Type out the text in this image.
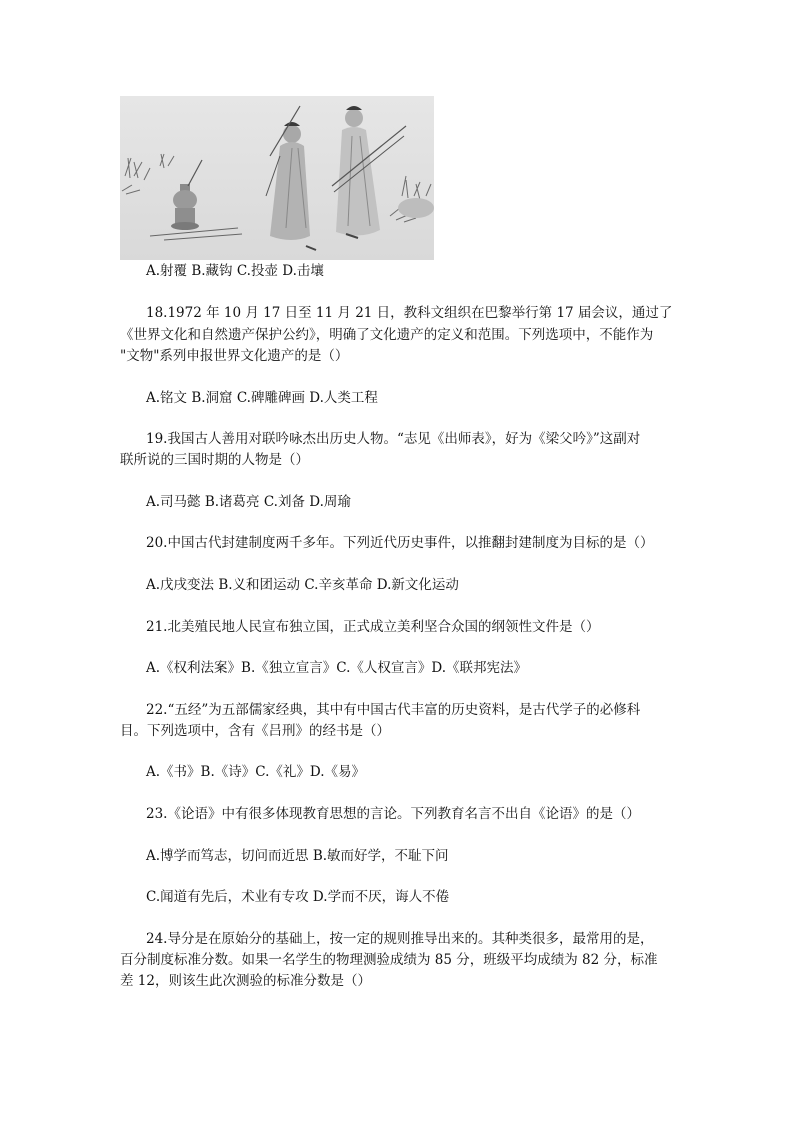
A.射覆 B.藏钩 C.投壶 D.击壤
18.1972 年 10 月 17 日至 11 月 21 日，教科文组织在巴黎举行第 17 届会议，通过了
《世界文化和自然遗产保护公约》，明确了文化遗产的定义和范围。下列选项中，不能作为
"文物"系列申报世界文化遗产的是（）
A.铭文 B.洞窟 C.碑雕碑画 D.人类工程
19.我国古人善用对联吟咏杰出历史人物。“志见《出师表》，好为《梁父吟》”这副对
联所说的三国时期的人物是（）
A.司马懿 B.诸葛亮 C.刘备 D.周瑜
20.中国古代封建制度两千多年。下列近代历史事件，以推翻封建制度为目标的是（）
A.戊戌变法 B.义和团运动 C.辛亥革命 D.新文化运动
21.北美殖民地人民宣布独立国，正式成立美利坚合众国的纲领性文件是（）
A.《权利法案》B.《独立宣言》C.《人权宣言》D.《联邦宪法》
22.“五经”为五部儒家经典，其中有中国古代丰富的历史资料，是古代学子的必修科
目。下列选项中，含有《吕刑》的经书是（）
A.《书》B.《诗》C.《礼》D.《易》
23.《论语》中有很多体现教育思想的言论。下列教育名言不出自《论语》的是（）
A.博学而笃志，切问而近思 B.敏而好学，不耻下问
C.闻道有先后，术业有专攻 D.学而不厌，诲人不倦
24.导分是在原始分的基础上，按一定的规则推导出来的。其种类很多，最常用的是，
百分制度标准分数。如果一名学生的物理测验成绩为 85 分，班级平均成绩为 82 分，标准
差 12，则该生此次测验的标准分数是（）
